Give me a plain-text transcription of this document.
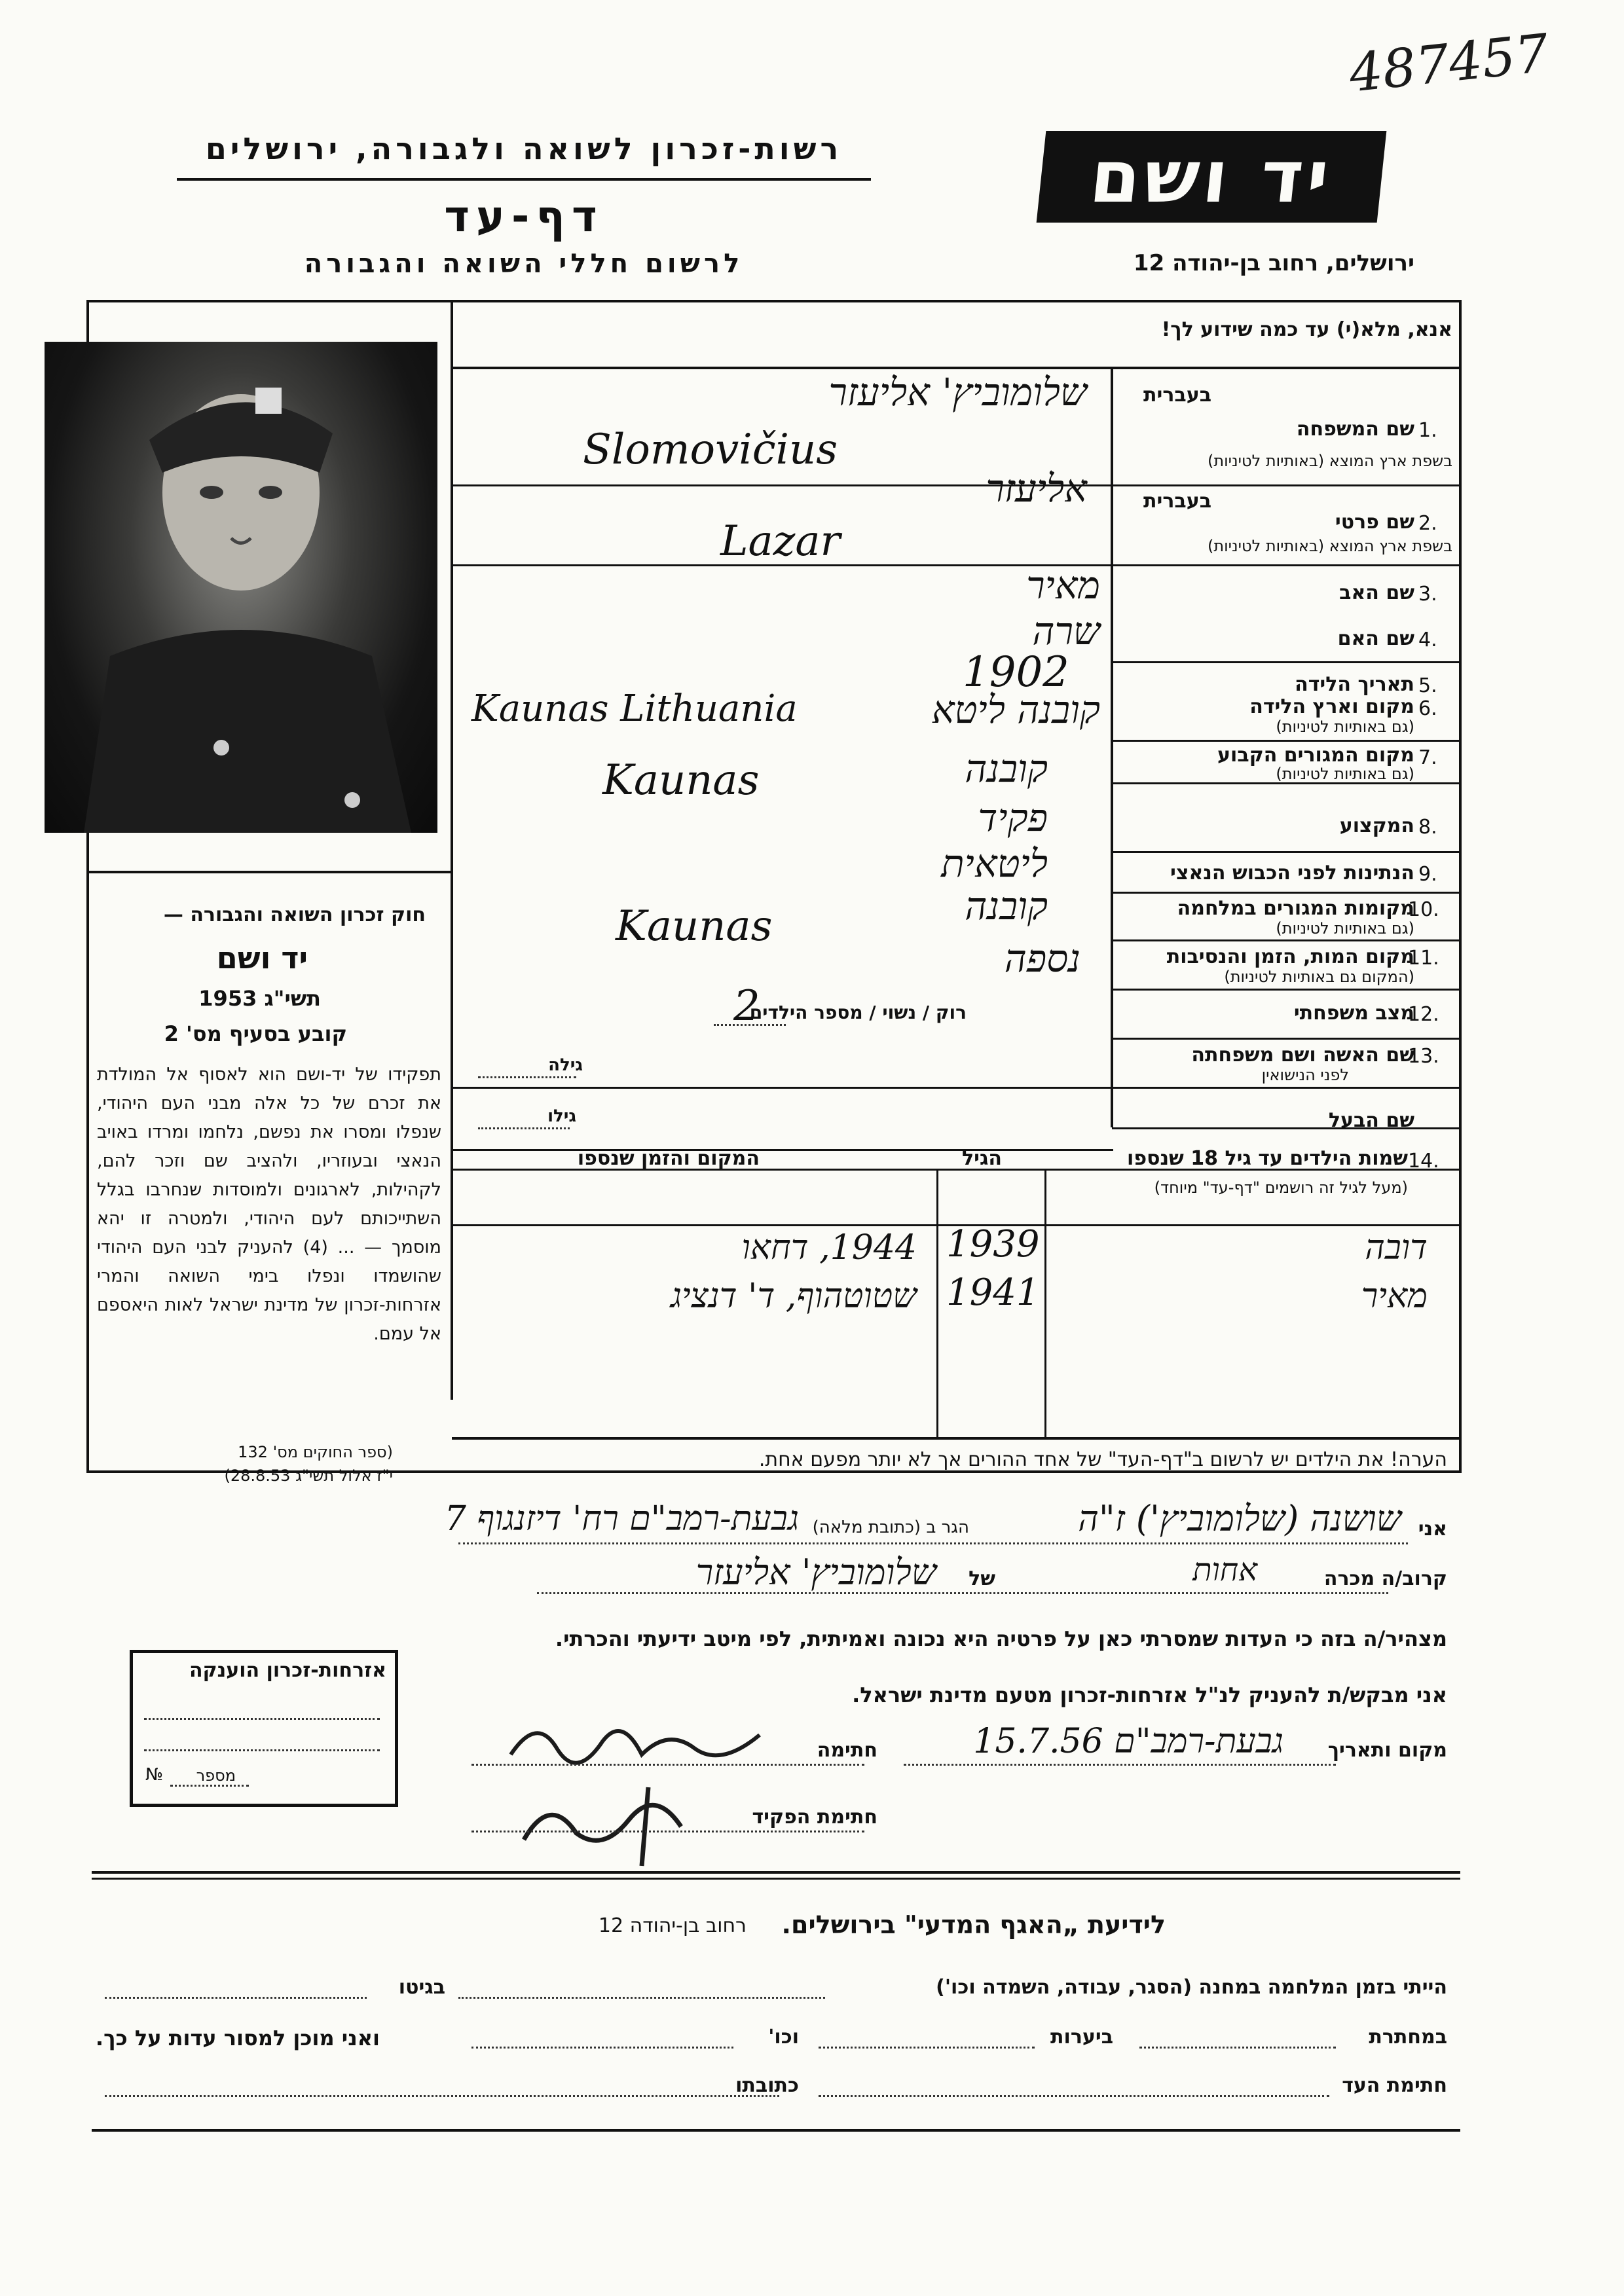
487457
רשות-זכרון לשואה ולגבורה, ירושלים
דף-עד
לרשום חללי השואה והגבורה
יד ושם
ירושלים, רחוב בן-יהודה 12
אנא, מלא(י) עד כמה שידוע לך!
חוק זכרון השואה והגבורה —
יד ושם
תשי"ג 1953
קובע בסעיף מס' 2
תפקידו של יד-ושם הוא לאסוף אל המולדת את זכרם של כל אלה מבני העם היהודי, שנפלו ומסרו את נפשם, נלחמו ומרדו באויב הנאצי ובעוזריו, ולהציב שם וזכר להם, לקהילות, לארגונים ולמוסדות שנחרבו בגלל השתייכותם לעם היהודי, ולמטרה זו יהא מוסמך — ... (4) להעניק לבני העם היהודי שהושמדו ונפלו בימי השואה והמרי אזרחות-זכרון של מדינת ישראל לאות היאספם אל עמם.
(ספר החוקים מס' 132
י"ז אלול תשי"ג 28.8.53)
1.
בעברית
שם המשפחה
בשפת ארץ המוצא (באותיות לטיניות)
2.
בעברית
שם פרטי
בשפת ארץ המוצא (באותיות לטיניות)
3.
שם האב
4.
שם האם
5.
תאריך הלידה
6.
מקום וארץ הלידה
(גם באותיות לטיניות)
7.
מקום המגורים הקבוע
(גם באותיות לטיניות)
8.
המקצוע
9.
הנתינות לפני הכבוש הנאצי
10.
מקומות המגורים במלחמה
(גם באותיות לטיניות)
11.
מקום המות, הזמן והנסיבות
(המקום גם באותיות לטיניות)
12.
מצב משפחתי
רוק / נשוי / מספר הילדים
13.
שם האשה ושם משפחתה
לפני הנישואין
גילה
שם הבעל
גילו
14.
שמות הילדים עד גיל 18 שנספו
(מעל לגיל זה רושמים "דף-עד" מיוחד)
הגיל
המקום והזמן שנספו
שלומוביץ' אליעזר
Slomovičius
אליעזר
Lazar
מאיר
שרה
1902
קובנה ליטא
Kaunas Lithuania
קובנה
Kaunas
פקיד
ליטאית
קובנה
Kaunas
נספה
2
דובה
1939
1944, דחאו
מאיר
1941
שטוטהוף, ד' דנציג
הערה! את הילדים יש לרשום ב"דף-העד" של אחד ההורים אך לא יותר מפעם אחת.
אני
שושנה (שלומוביץ') ז"ה
הגר ב (כתובת מלאה)
גבעת-רמב"ם רח' דיזנגוף 7
קרוב/ה מכרה
אחות
של
שלומוביץ' אליעזר
מצהיר/ה בזה כי העדות שמסרתי כאן על פרטיה היא נכונה ואמיתית, לפי מיטב ידיעתי והכרתי.
אני מבקש/ת להעניק לנ"ל אזרחות-זכרון מטעם מדינת ישראל.
מקום ותאריך
גבעת-רמב"ם 15.7.56
חתימה
חתימת הפקיד
אזרחות-זכרון הוענקה
מספר
№
לידיעת „האגף המדעי" בירושלים.
רחוב בן-יהודה 12
הייתי בזמן המלחמה במחנה (הסגר, עבודה, השמדה וכו')
בגיטו
במחתרת
ביערות
וכו'
ואני מוכן למסור עדות על כך.
חתימת העד
כתובתו
